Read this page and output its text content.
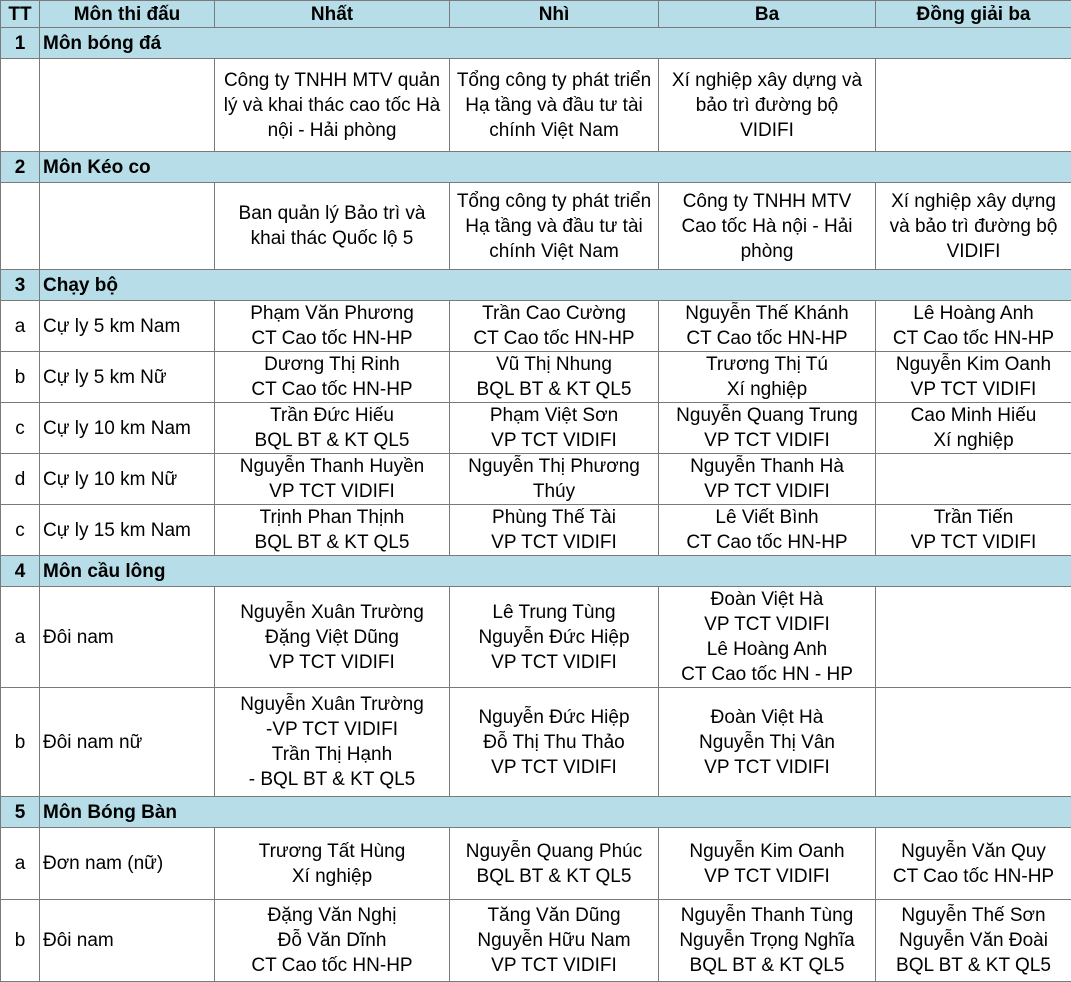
TT	Môn thi đấu	Nhất	Nhì	Ba	Đồng giải ba
1	Môn bóng đá				

		Công ty TNHH MTV quản
lý và khai thác cao tốc Hà
nội - Hải phòng	Tổng công ty phát triển
Hạ tầng và đầu tư tài
chính Việt Nam	Xí nghiệp xây dựng và
bảo trì đường bộ
VIDIFI	

2	Môn Kéo co				

		Ban quản lý Bảo trì và
khai thác Quốc lộ 5	Tổng công ty phát triển
Hạ tầng và đầu tư tài
chính Việt Nam	Công ty TNHH MTV
Cao tốc Hà nội - Hải
phòng	Xí nghiệp xây dựng
và bảo trì đường bộ
VIDIFI

3	Chạy bộ				
a	Cự ly 5 km Nam	Phạm Văn Phương
CT Cao tốc HN-HP	Trần Cao Cường
CT Cao tốc HN-HP	Nguyễn Thế Khánh
CT Cao tốc HN-HP	Lê Hoàng Anh
CT Cao tốc HN-HP

b	Cự ly 5 km Nữ	Dương Thị Rinh
CT Cao tốc HN-HP	Vũ Thị Nhung
BQL BT & KT QL5	Trương Thị Tú
Xí nghiệp	Nguyễn Kim Oanh
VP TCT VIDIFI

c	Cự ly 10 km Nam	Trần Đức Hiếu
BQL BT & KT QL5	Phạm Việt Sơn
VP TCT VIDIFI	Nguyễn Quang Trung
VP TCT VIDIFI	Cao Minh Hiếu
Xí nghiệp

d	Cự ly 10 km Nữ	Nguyễn Thanh Huyền
VP TCT VIDIFI	Nguyễn Thị Phương
Thúy	Nguyễn Thanh Hà
VP TCT VIDIFI	

c	Cự ly 15 km Nam	Trịnh Phan Thịnh
BQL BT & KT QL5	Phùng Thế Tài
VP TCT VIDIFI	Lê Viết Bình
CT Cao tốc HN-HP	Trần Tiến
VP TCT VIDIFI

4	Môn cầu lông				
a	Đôi nam	Nguyễn Xuân Trường
Đặng Việt Dũng
VP TCT VIDIFI	Lê Trung Tùng
Nguyễn Đức Hiệp
VP TCT VIDIFI	Đoàn Việt Hà
VP TCT VIDIFI
Lê Hoàng Anh
CT Cao tốc HN - HP	

b	Đôi nam nữ	Nguyễn Xuân Trường
-VP TCT VIDIFI
Trần Thị Hạnh
- BQL BT & KT QL5	Nguyễn Đức Hiệp
Đỗ Thị Thu Thảo
VP TCT VIDIFI	Đoàn Việt Hà
Nguyễn Thị Vân
VP TCT VIDIFI	

5	Môn Bóng Bàn				
a	Đơn nam (nữ)	Trương Tất Hùng
Xí nghiệp	Nguyễn Quang Phúc
BQL BT & KT QL5	Nguyễn Kim Oanh
VP TCT VIDIFI	Nguyễn Văn Quy
CT Cao tốc HN-HP

b	Đôi nam	Đặng Văn Nghị
Đỗ Văn Dĩnh
CT Cao tốc HN-HP	Tăng Văn Dũng
Nguyễn Hữu Nam
VP TCT VIDIFI	Nguyễn Thanh Tùng
Nguyễn Trọng Nghĩa
BQL BT & KT QL5	Nguyễn Thế Sơn
Nguyễn Văn Đoài
BQL BT & KT QL5
